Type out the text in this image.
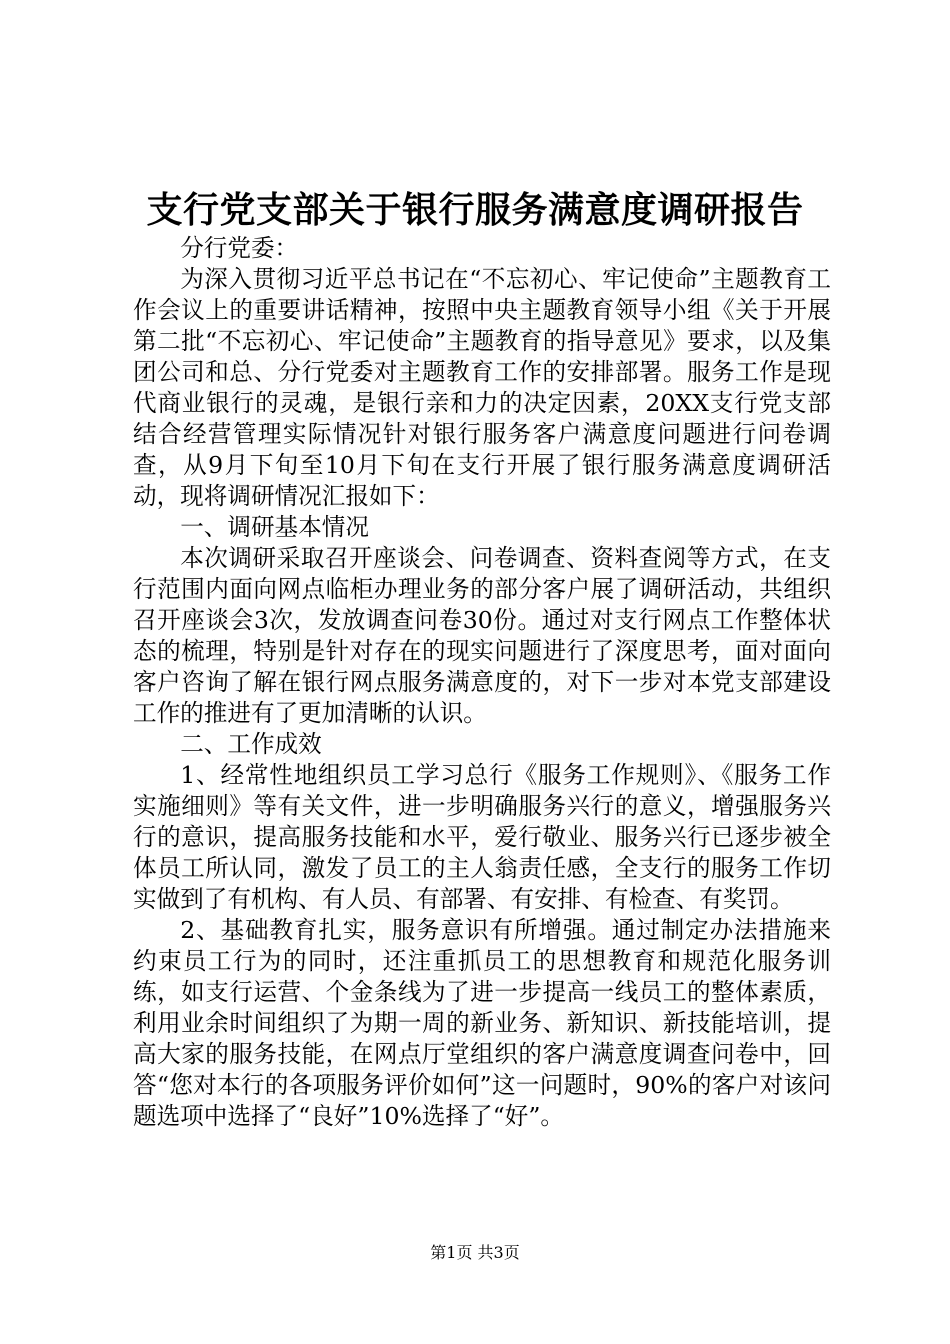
支行党支部关于银行服务满意度调研报告

分行党委：

为深入贯彻习近平总书记在“不忘初心、牢记使命”主题教育工作会议上的重要讲话精神，按照中央主题教育领导小组《关于开展第二批“不忘初心、牢记使命”主题教育的指导意见》要求，以及集团公司和总、分行党委对主题教育工作的安排部署。服务工作是现代商业银行的灵魂，是银行亲和力的决定因素，20XX支行党支部结合经营管理实际情况针对银行服务客户满意度问题进行问卷调查，从9月下旬至10月下旬在支行开展了银行服务满意度调研活动，现将调研情况汇报如下：

一、调研基本情况

本次调研采取召开座谈会、问卷调查、资料查阅等方式，在支行范围内面向网点临柜办理业务的部分客户展了调研活动，共组织召开座谈会3次，发放调查问卷30份。通过对支行网点工作整体状态的梳理，特别是针对存在的现实问题进行了深度思考，面对面向客户咨询了解在银行网点服务满意度的，对下一步对本党支部建设工作的推进有了更加清晰的认识。

二、工作成效

1、经常性地组织员工学习总行《服务工作规则》、《服务工作实施细则》等有关文件，进一步明确服务兴行的意义，增强服务兴行的意识，提高服务技能和水平，爱行敬业、服务兴行已逐步被全体员工所认同，激发了员工的主人翁责任感，全支行的服务工作切实做到了有机构、有人员、有部署、有安排、有检查、有奖罚。

2、基础教育扎实，服务意识有所增强。通过制定办法措施来约束员工行为的同时，还注重抓员工的思想教育和规范化服务训练，如支行运营、个金条线为了进一步提高一线员工的整体素质，利用业余时间组织了为期一周的新业务、新知识、新技能培训，提高大家的服务技能，在网点厅堂组织的客户满意度调查问卷中，回答“您对本行的各项服务评价如何”这一问题时，90%的客户对该问题选项中选择了“良好”10%选择了“好”。

第1页 共3页
